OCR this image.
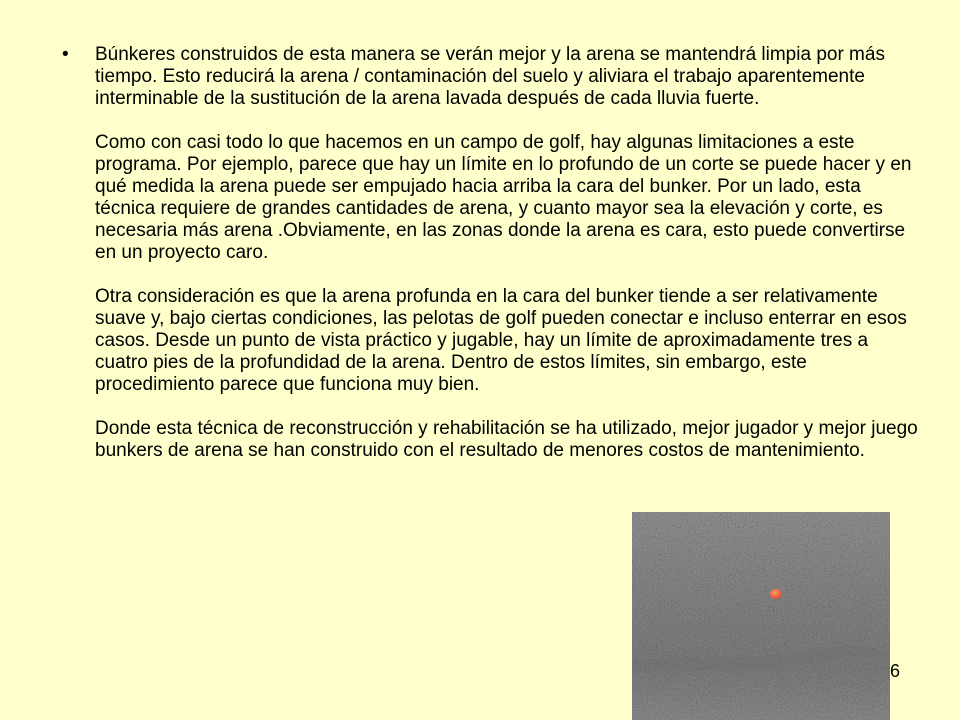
• Búnkeres construidos de esta manera se verán mejor y la arena se mantendrá limpia por más tiempo. Esto reducirá la arena / contaminación del suelo y aliviara el trabajo aparentemente interminable de la sustitución de la arena lavada después de cada lluvia fuerte.

Como con casi todo lo que hacemos en un campo de golf, hay algunas limitaciones a este programa. Por ejemplo, parece que hay un límite en lo profundo de un corte se puede hacer y en qué medida la arena puede ser empujado hacia arriba la cara del bunker. Por un lado, esta técnica requiere de grandes cantidades de arena, y cuanto mayor sea la elevación y corte, es necesaria más arena .Obviamente, en las zonas donde la arena es cara, esto puede convertirse en un proyecto caro.

Otra consideración es que la arena profunda en la cara del bunker tiende a ser relativamente suave y, bajo ciertas condiciones, las pelotas de golf pueden conectar e incluso enterrar en esos casos. Desde un punto de vista práctico y jugable, hay un límite de aproximadamente tres a cuatro pies de la profundidad de la arena. Dentro de estos límites, sin embargo, este procedimiento parece que funciona muy bien.

Donde esta técnica de reconstrucción y rehabilitación se ha utilizado, mejor jugador y mejor juego bunkers de arena se han construido con el resultado de menores costos de mantenimiento.

6
